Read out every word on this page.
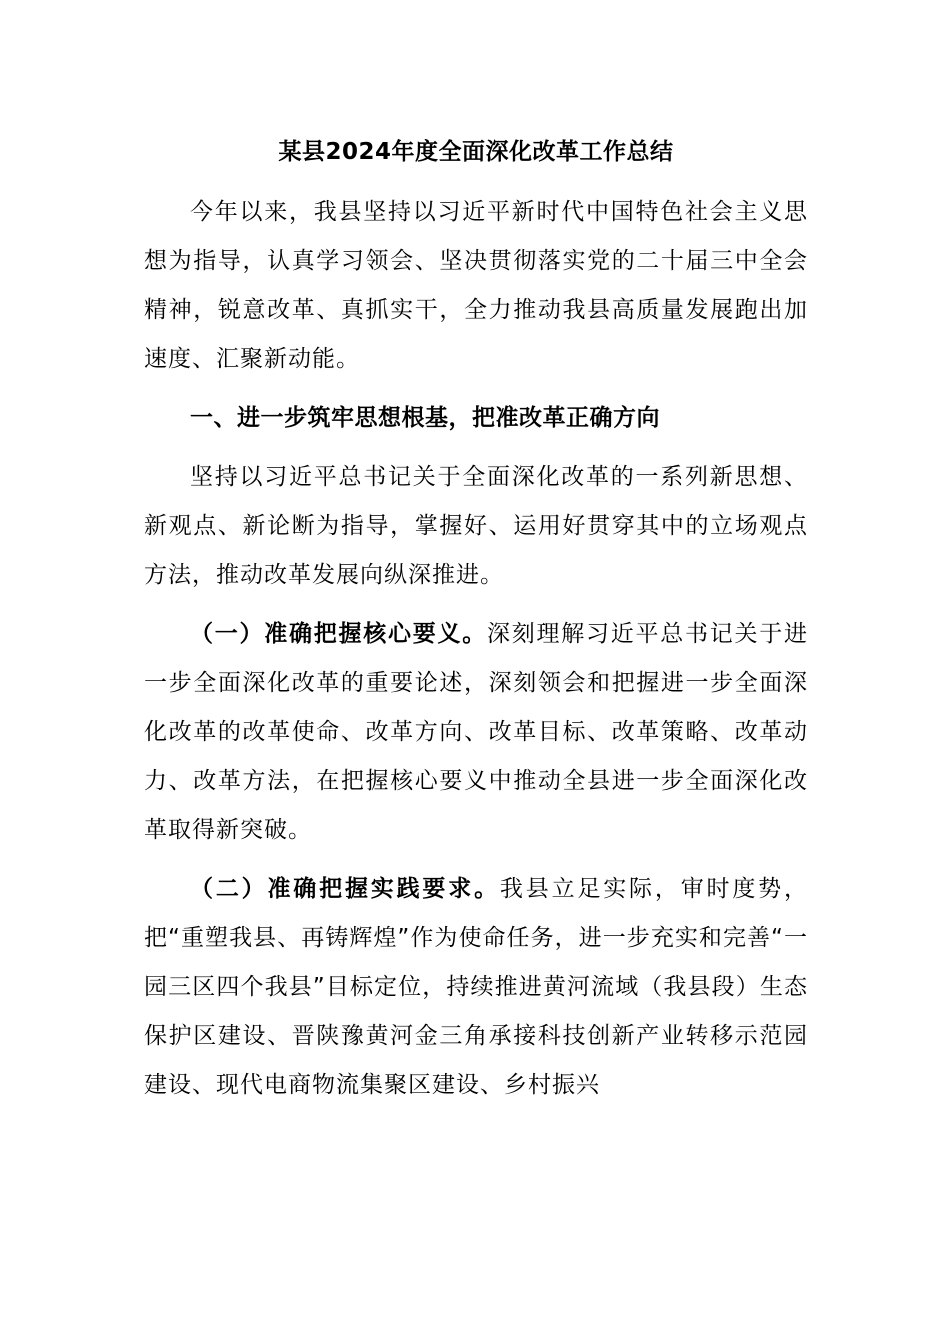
某县2024年度全面深化改革工作总结

今年以来，我县坚持以习近平新时代中国特色社会主义思想为指导，认真学习领会、坚决贯彻落实党的二十届三中全会精神，锐意改革、真抓实干，全力推动我县高质量发展跑出加速度、汇聚新动能。

一、进一步筑牢思想根基，把准改革正确方向

坚持以习近平总书记关于全面深化改革的一系列新思想、新观点、新论断为指导，掌握好、运用好贯穿其中的立场观点方法，推动改革发展向纵深推进。

（一）准确把握核心要义。深刻理解习近平总书记关于进一步全面深化改革的重要论述，深刻领会和把握进一步全面深化改革的改革使命、改革方向、改革目标、改革策略、改革动力、改革方法，在把握核心要义中推动全县进一步全面深化改革取得新突破。

（二）准确把握实践要求。我县立足实际，审时度势，把“重塑我县、再铸辉煌”作为使命任务，进一步充实和完善“一园三区四个我县”目标定位，持续推进黄河流域（我县段）生态保护区建设、晋陕豫黄河金三角承接科技创新产业转移示范园建设、现代电商物流集聚区建设、乡村振兴
